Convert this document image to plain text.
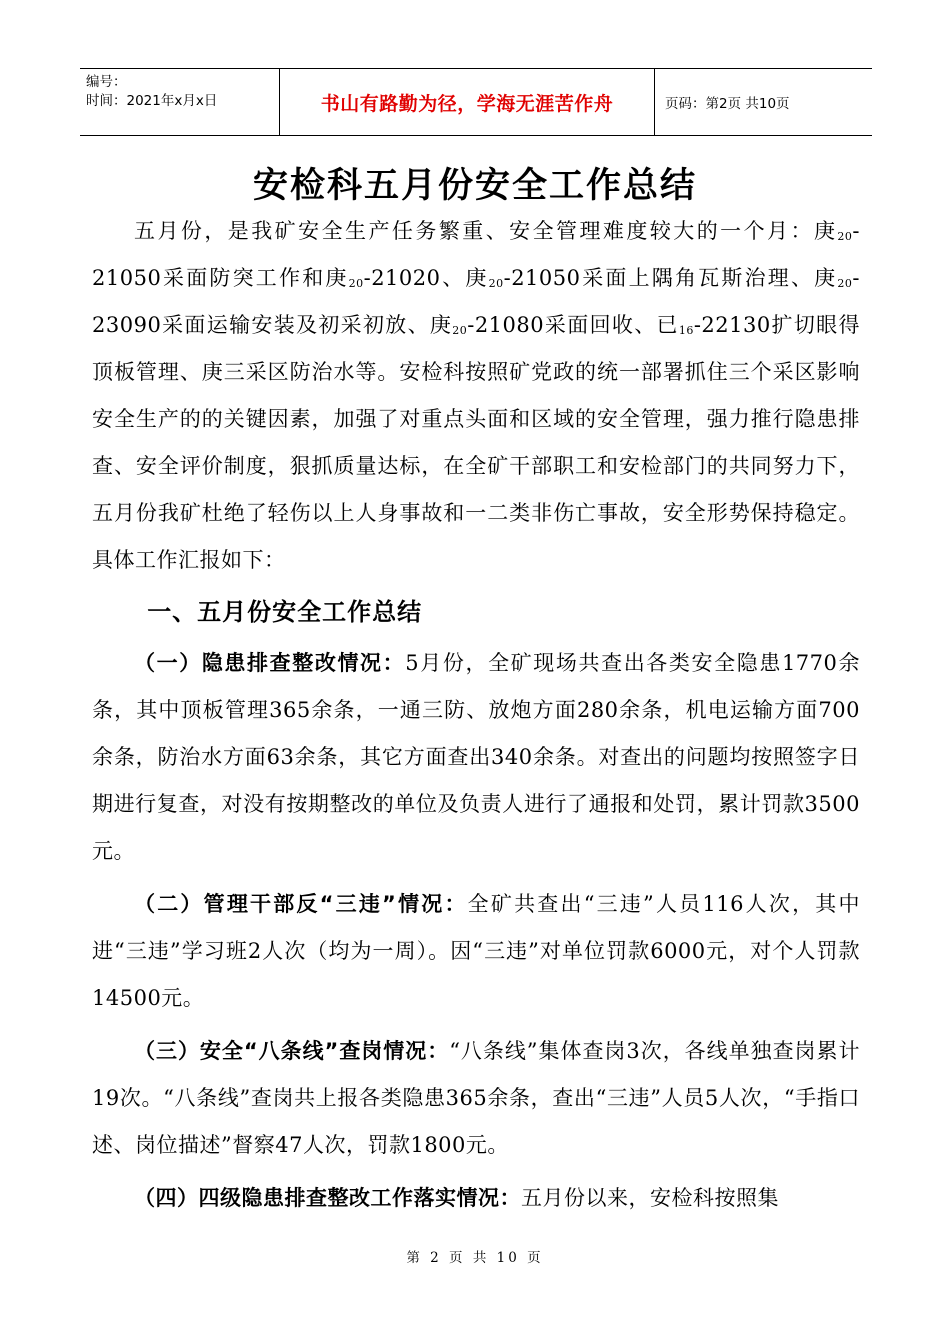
编号：
时间：2021年x月x日	书山有路勤为径，学海无涯苦作舟	页码：第2页 共10页
安检科五月份安全工作总结

五月份，是我矿安全生产任务繁重、安全管理难度较大的一个月：庚$_{20}$-21050采面防突工作和庚$_{20}$-21020、庚$_{20}$-21050采面上隅角瓦斯治理、庚$_{20}$-23090采面运输安装及初采初放、庚$_{20}$-21080采面回收、已$_{16}$-22130扩切眼得顶板管理、庚三采区防治水等。安检科按照矿党政的统一部署抓住三个采区影响安全生产的的关键因素，加强了对重点头面和区域的安全管理，强力推行隐患排查、安全评价制度，狠抓质量达标，在全矿干部职工和安检部门的共同努力下，五月份我矿杜绝了轻伤以上人身事故和一二类非伤亡事故，安全形势保持稳定。具体工作汇报如下：

一、五月份安全工作总结

（一）隐患排查整改情况：5月份，全矿现场共查出各类安全隐患1770余条，其中顶板管理365余条，一通三防、放炮方面280余条，机电运输方面700余条，防治水方面63余条，其它方面查出340余条。对查出的问题均按照签字日期进行复查，对没有按期整改的单位及负责人进行了通报和处罚，累计罚款3500元。

（二）管理干部反“三违”情况：全矿共查出“三违”人员116人次，其中进“三违”学习班2人次（均为一周）。因“三违”对单位罚款6000元，对个人罚款14500元。

（三）安全“八条线”查岗情况：“八条线”集体查岗3次，各线单独查岗累计19次。“八条线”查岗共上报各类隐患365余条，查出“三违”人员5人次，“手指口述、岗位描述”督察47人次，罚款1800元。

（四）四级隐患排查整改工作落实情况：五月份以来，安检科按照集

第 2 页 共 10 页
